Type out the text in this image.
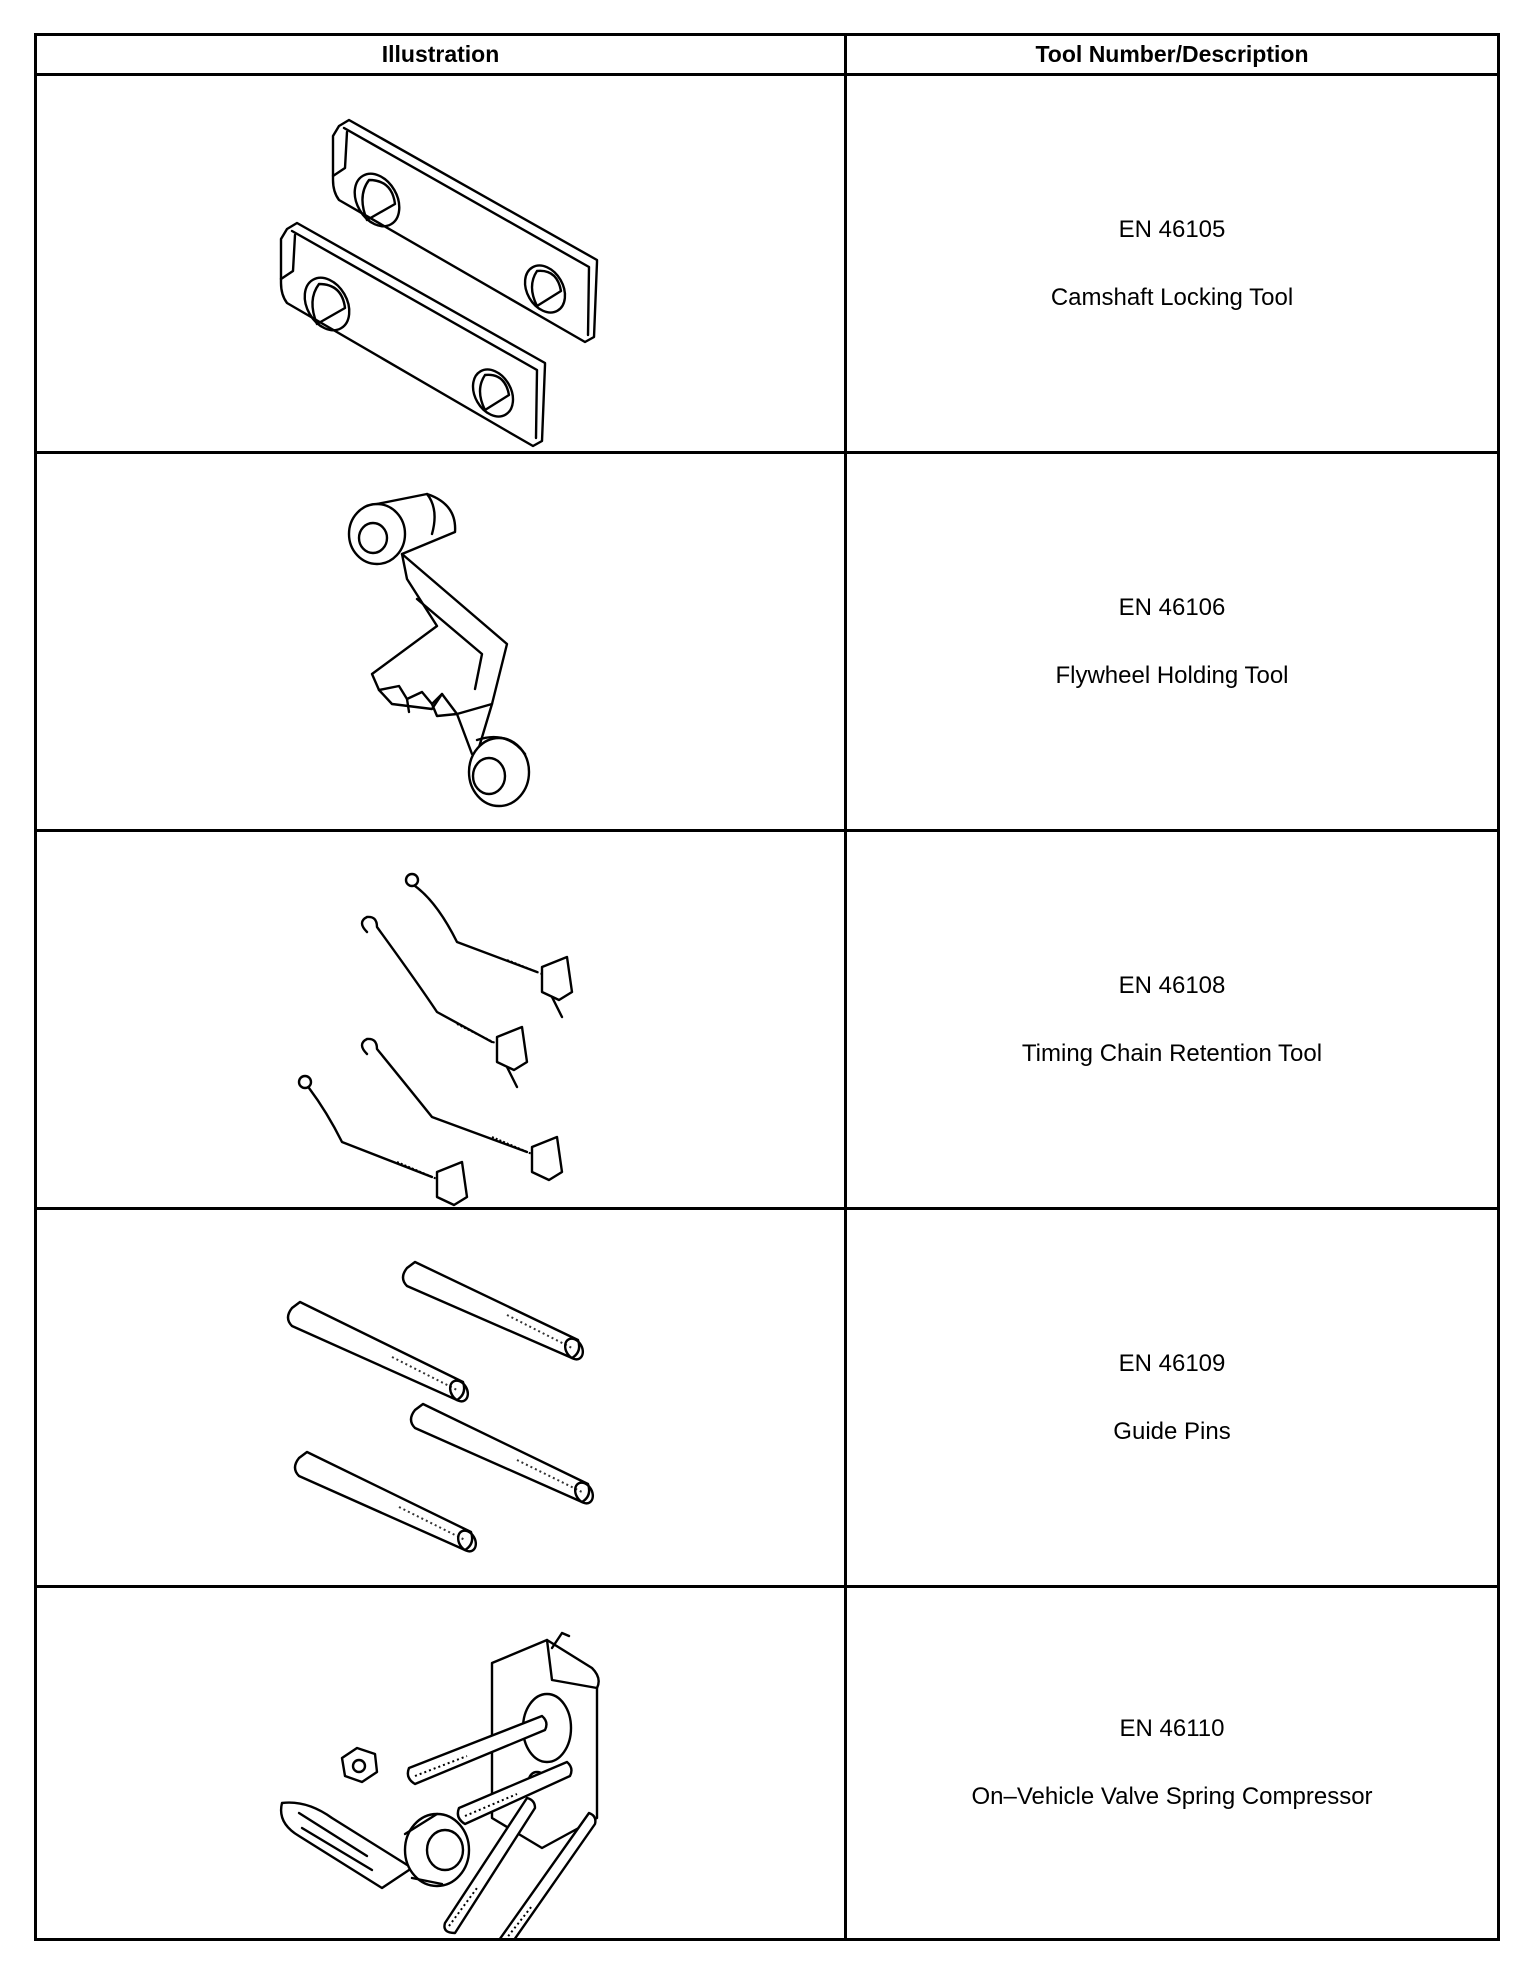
Illustration	Tool Number/Description
EN 46105
Camshaft Locking Tool
EN 46106
Flywheel Holding Tool
EN 46108
Timing Chain Retention Tool
EN 46109
Guide Pins
EN 46110
On–Vehicle Valve Spring Compressor
